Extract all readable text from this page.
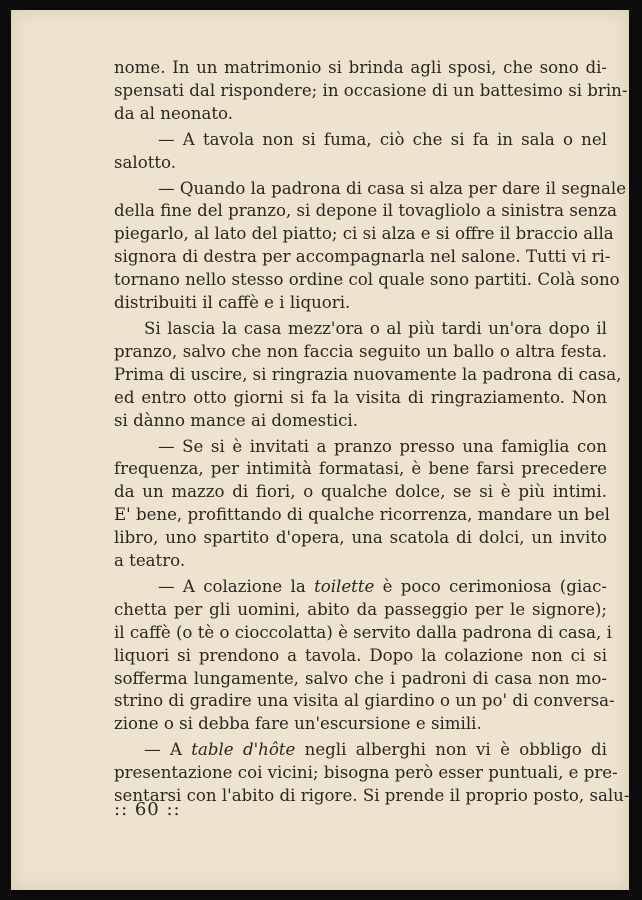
nome. In un matrimonio si brinda agli sposi, che sono di-
spensati dal rispondere; in occasione di un battesimo si brin-
da al neonato.

— A tavola non si fuma, ciò che si fa in sala o nel
salotto.

— Quando la padrona di casa si alza per dare il segnale
della fine del pranzo, si depone il tovagliolo a sinistra senza
piegarlo, al lato del piatto; ci si alza e si offre il braccio alla
signora di destra per accompagnarla nel salone. Tutti vi ri-
tornano nello stesso ordine col quale sono partiti. Colà sono
distribuiti il caffè e i liquori.

Si lascia la casa mezz'ora o al più tardi un'ora dopo il
pranzo, salvo che non faccia seguito un ballo o altra festa.
Prima di uscire, si ringrazia nuovamente la padrona di casa,
ed entro otto giorni si fa la visita di ringraziamento. Non
si dànno mance ai domestici.

— Se si è invitati a pranzo presso una famiglia con
frequenza, per intimità formatasi, è bene farsi precedere
da un mazzo di fiori, o qualche dolce, se si è più intimi.
E' bene, profittando di qualche ricorrenza, mandare un bel
libro, uno spartito d'opera, una scatola di dolci, un invito
a teatro.

— A colazione la toilette è poco cerimoniosa (giac-
chetta per gli uomini, abito da passeggio per le signore);
il caffè (o tè o cioccolatta) è servito dalla padrona di casa, i
liquori si prendono a tavola. Dopo la colazione non ci si
sofferma lungamente, salvo che i padroni di casa non mo-
strino di gradire una visita al giardino o un po' di conversa-
zione o si debba fare un'escursione e simili.

— A table d'hôte negli alberghi non vi è obbligo di
presentazione coi vicini; bisogna però esser puntuali, e pre-
sentarsi con l'abito di rigore. Si prende il proprio posto, salu-

:: 60 ::
